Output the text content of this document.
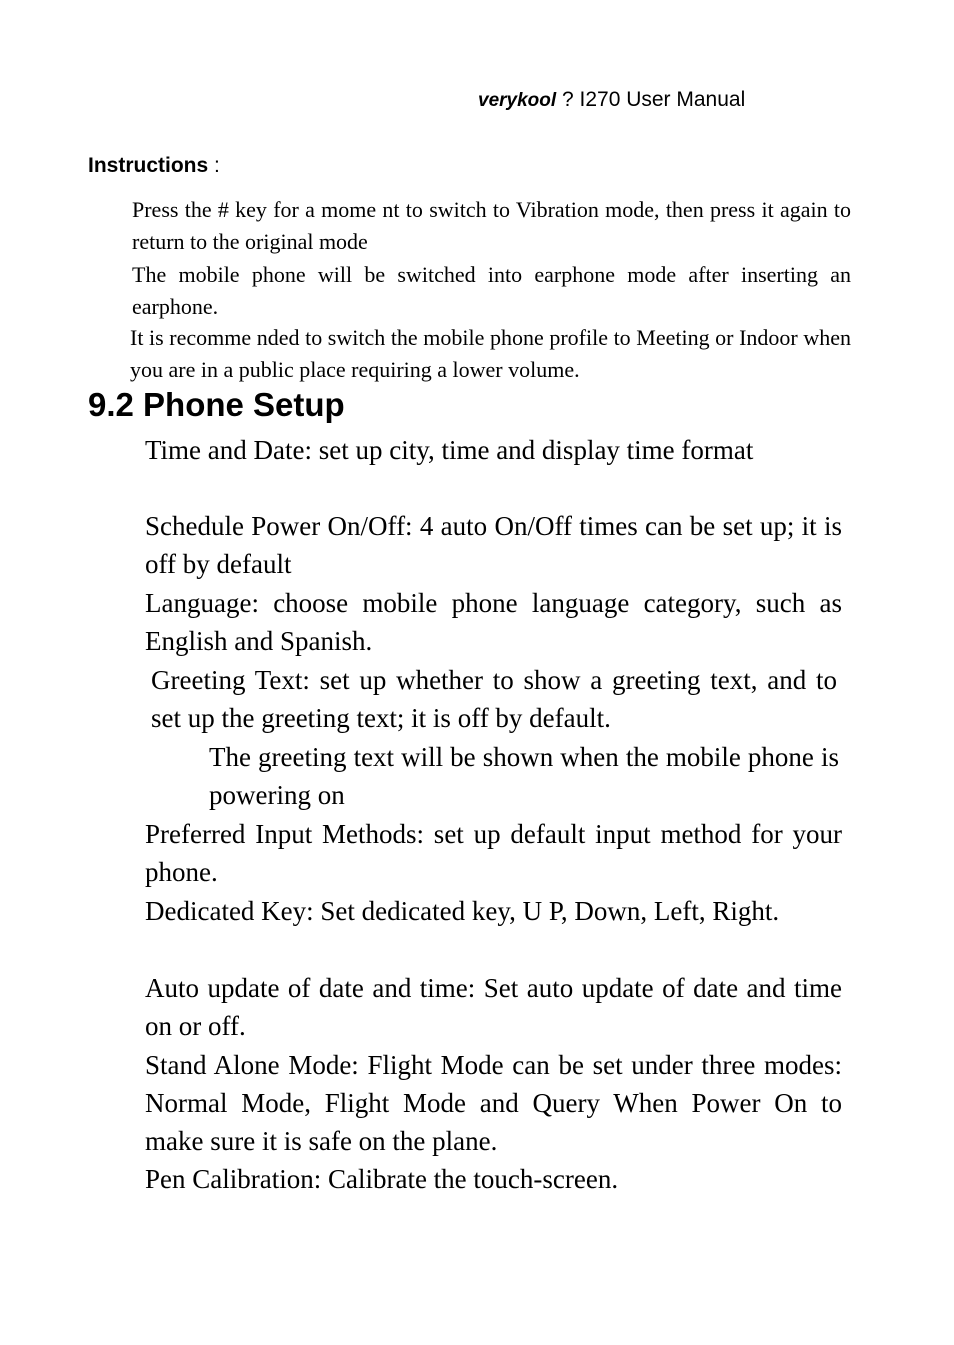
verykool ? I270 User Manual
Instructions :
Press the # key for a mome nt to switch to Vibration mode, then press it again to return to the original mode
The mobile phone will be switched into earphone mode after inserting an earphone.
It is recomme nded to switch the mobile phone profile to Meeting or Indoor when you are in a public place requiring a lower volume.
9.2 Phone Setup
Time and Date: set up city, time and display time format
Schedule Power On/Off: 4 auto On/Off times can be set up; it is off by default
Language: choose mobile phone language category, such as English and Spanish.
Greeting Text: set up whether to show a greeting text, and to set up the greeting text; it is off by default.
The greeting text will be shown when the mobile phone is powering on
Preferred Input Methods: set up default input method for your phone.
Dedicated Key: Set dedicated key, U P, Down, Left, Right.
Auto update of date and time: Set auto update of date and time on or off.
Stand Alone Mode: Flight Mode can be set under three modes: Normal Mode, Flight Mode and Query When Power On to make sure it is safe on the plane.
Pen Calibration: Calibrate the touch-screen.
